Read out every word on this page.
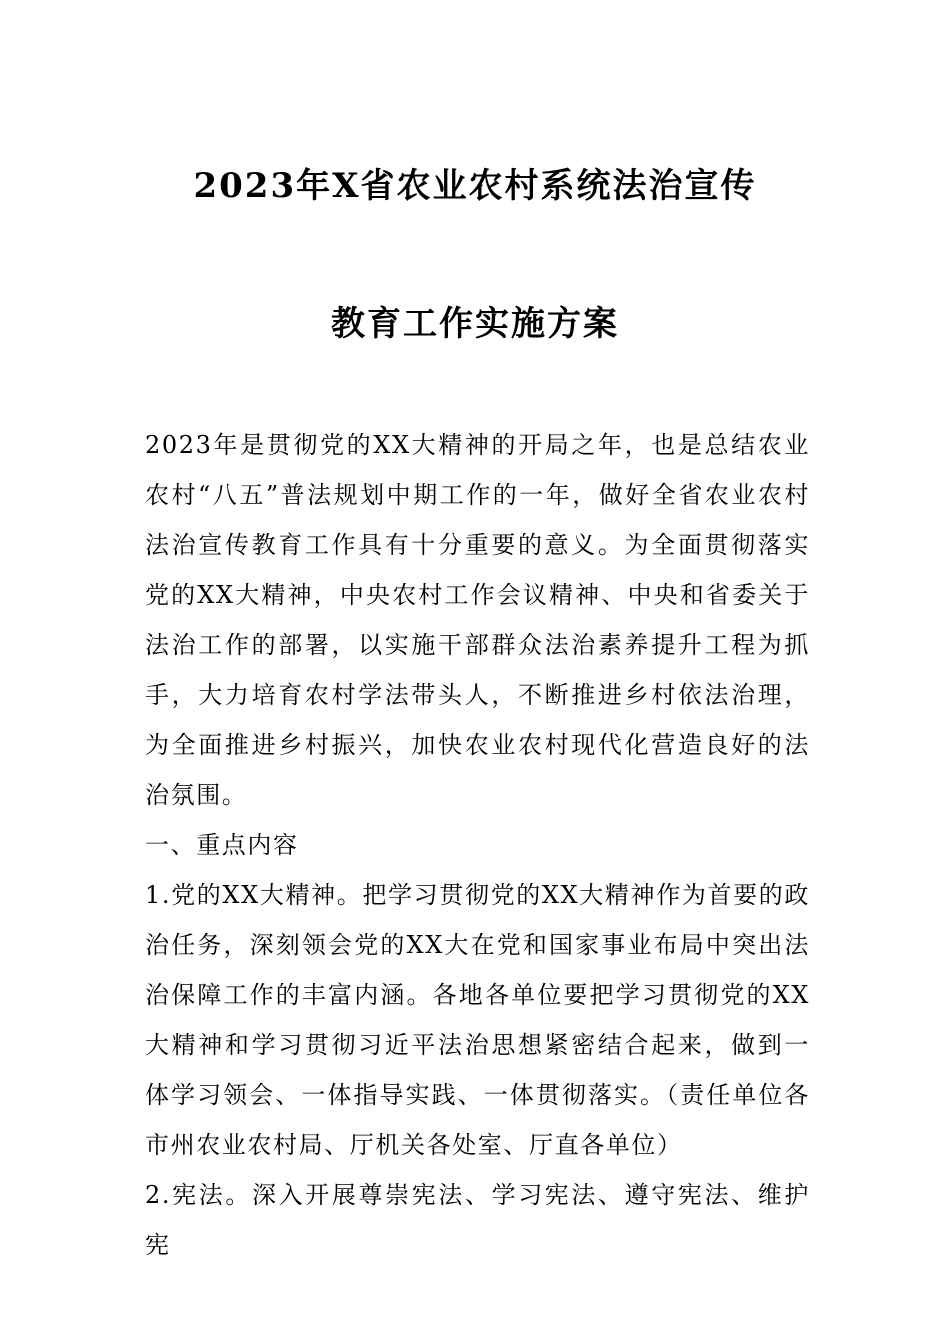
2023年X省农业农村系统法治宣传
教育工作实施方案

2023年是贯彻党的XX大精神的开局之年，也是总结农业农村“八五”普法规划中期工作的一年，做好全省农业农村法治宣传教育工作具有十分重要的意义。为全面贯彻落实党的XX大精神，中央农村工作会议精神、中央和省委关于法治工作的部署，以实施干部群众法治素养提升工程为抓手，大力培育农村学法带头人，不断推进乡村依法治理，为全面推进乡村振兴，加快农业农村现代化营造良好的法治氛围。

一、重点内容

1.党的XX大精神。把学习贯彻党的XX大精神作为首要的政治任务，深刻领会党的XX大在党和国家事业布局中突出法治保障工作的丰富内涵。各地各单位要把学习贯彻党的XX大精神和学习贯彻习近平法治思想紧密结合起来，做到一体学习领会、一体指导实践、一体贯彻落实。（责任单位各市州农业农村局、厅机关各处室、厅直各单位）

2.宪法。深入开展尊崇宪法、学习宪法、遵守宪法、维护宪
